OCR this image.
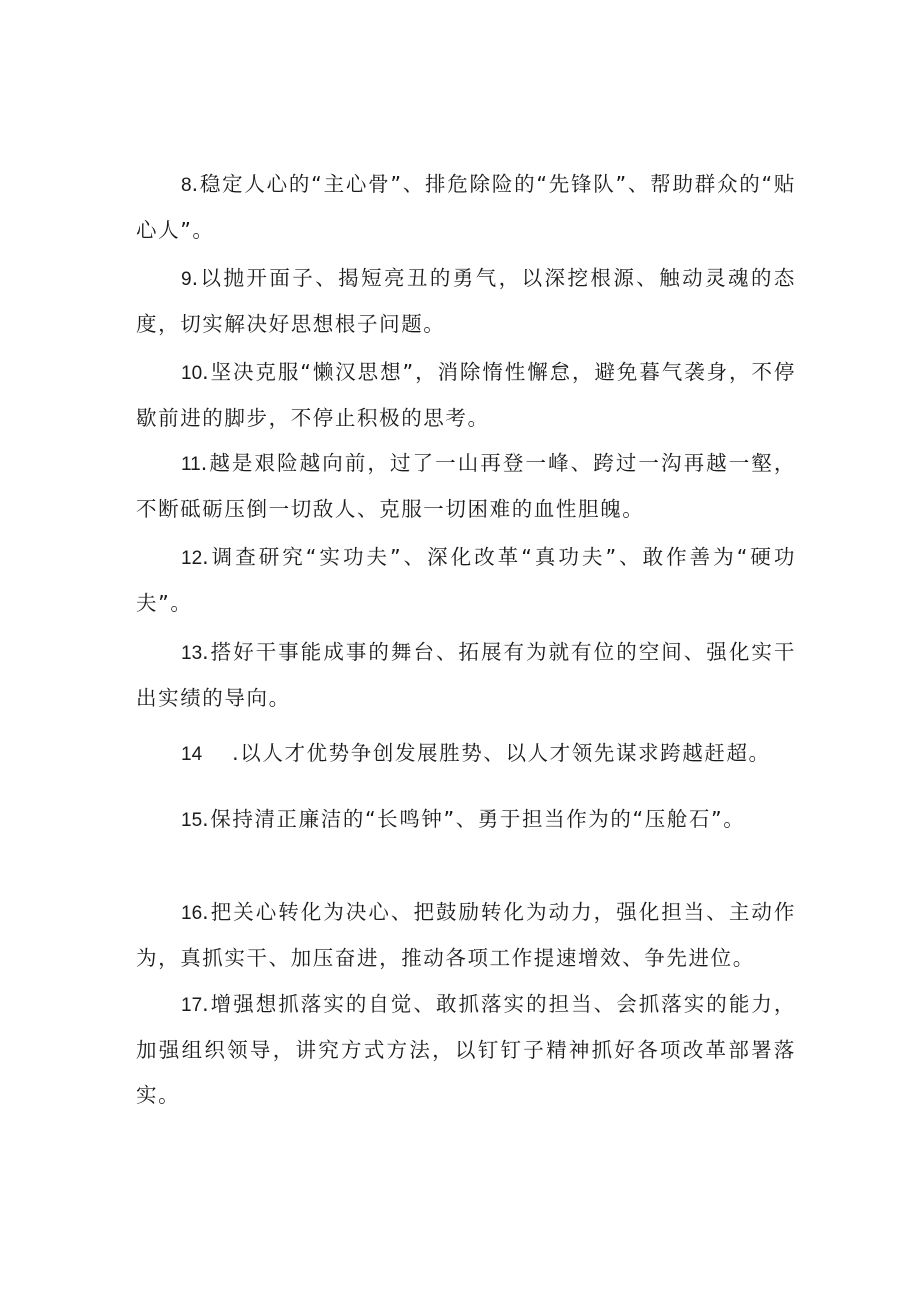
8.稳定人心的“主心骨”、排危除险的“先锋队”、帮助群众的“贴心人”。

9.以抛开面子、揭短亮丑的勇气，以深挖根源、触动灵魂的态度，切实解决好思想根子问题。

10.坚决克服“懒汉思想”，消除惰性懈怠，避免暮气袭身，不停歇前进的脚步，不停止积极的思考。

11.越是艰险越向前，过了一山再登一峰、跨过一沟再越一壑，不断砥砺压倒一切敌人、克服一切困难的血性胆魄。

12.调查研究“实功夫”、深化改革“真功夫”、敢作善为“硬功夫”。

13.搭好干事能成事的舞台、拓展有为就有位的空间、强化实干出实绩的导向。

14 .以人才优势争创发展胜势、以人才领先谋求跨越赶超。

15.保持清正廉洁的“长鸣钟”、勇于担当作为的“压舱石”。

16.把关心转化为决心、把鼓励转化为动力，强化担当、主动作为，真抓实干、加压奋进，推动各项工作提速增效、争先进位。

17.增强想抓落实的自觉、敢抓落实的担当、会抓落实的能力，加强组织领导，讲究方式方法，以钉钉子精神抓好各项改革部署落实。
